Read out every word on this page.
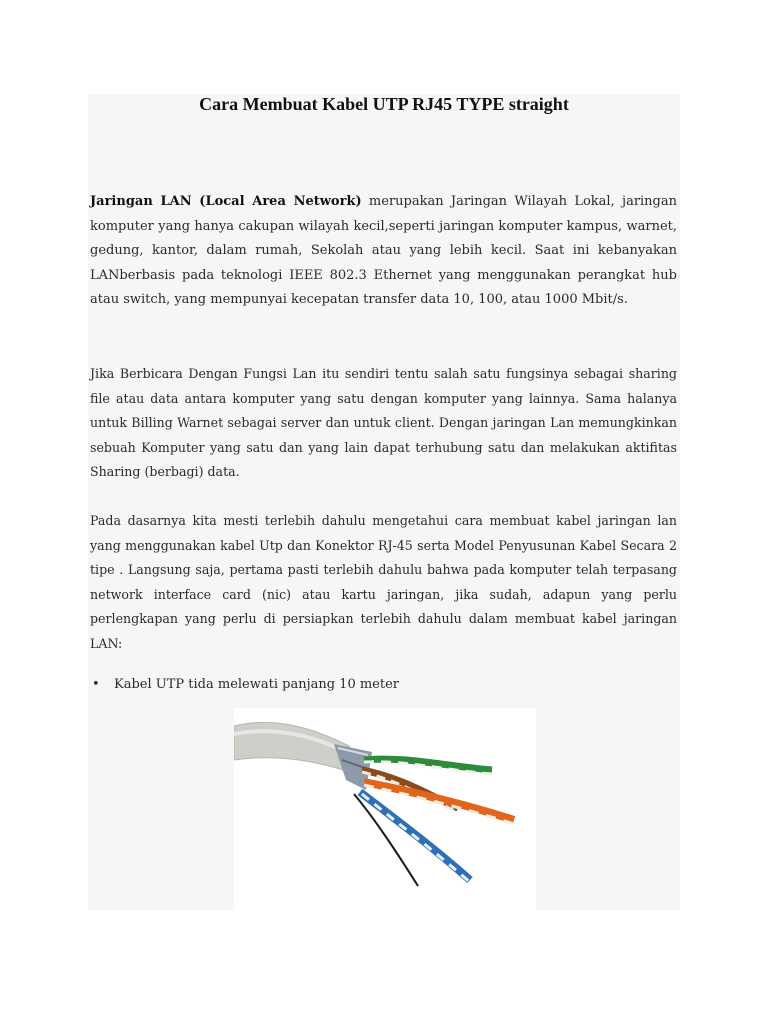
Cara Membuat Kabel UTP RJ45 TYPE straight

Jaringan LAN (Local Area Network) merupakan Jaringan Wilayah Lokal, jaringan komputer yang hanya cakupan wilayah kecil,seperti jaringan komputer kampus, warnet, gedung, kantor, dalam rumah, Sekolah atau yang lebih kecil. Saat ini kebanyakan LANberbasis pada teknologi IEEE 802.3 Ethernet yang menggunakan perangkat hub atau switch, yang mempunyai kecepatan transfer data 10, 100, atau 1000 Mbit/s.

Jika Berbicara Dengan Fungsi Lan itu sendiri tentu salah satu fungsinya sebagai sharing file atau data antara komputer yang satu dengan komputer yang lainnya. Sama halanya untuk Billing Warnet sebagai server dan untuk client. Dengan jaringan Lan memungkinkan sebuah Komputer yang satu dan yang lain dapat terhubung satu dan melakukan aktifitas Sharing (berbagi) data.

Pada dasarnya kita mesti terlebih dahulu mengetahui cara membuat kabel jaringan lan yang menggunakan kabel Utp dan Konektor RJ-45 serta Model Penyusunan Kabel Secara 2 tipe . Langsung saja, pertama pasti terlebih dahulu bahwa pada komputer telah terpasang network interface card (nic) atau kartu jaringan, jika sudah, adapun yang perlu perlengkapan yang perlu di persiapkan terlebih dahulu dalam membuat kabel jaringan LAN:

• Kabel UTP tida melewati panjang 10 meter
